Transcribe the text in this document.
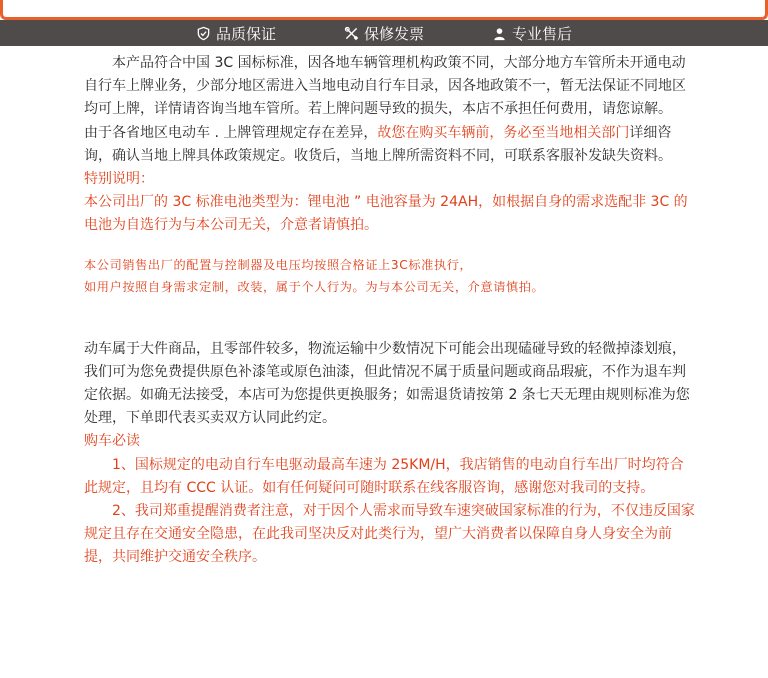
品质保证	保修发票	专业售后

本产品符合中国 3C 国标标准，因各地车辆管理机构政策不同，大部分地方车管所未开通电动自行车上牌业务，少部分地区需进入当地电动自行车目录，因各地政策不一，暂无法保证不同地区均可上牌，详情请咨询当地车管所。若上牌问题导致的损失，本店不承担任何费用，请您谅解。

由于各省地区电动车 . 上牌管理规定存在差异，故您在购买车辆前，务必至当地相关部门详细咨询，确认当地上牌具体政策规定。收货后，当地上牌所需资料不同，可联系客服补发缺失资料。

特别说明：

本公司出厂的 3C 标准电池类型为：锂电池 ” 电池容量为 24AH，如根据自身的需求选配非 3C 的电池为自选行为与本公司无关，介意者请慎拍。

本公司销售出厂的配置与控制器及电压均按照合格证上3C标准执行，

如用户按照自身需求定制，改装，属于个人行为。为与本公司无关，介意请慎拍。

动车属于大件商品，且零部件较多，物流运输中少数情况下可能会出现磕碰导致的轻微掉漆划痕，我们可为您免费提供原色补漆笔或原色油漆，但此情况不属于质量问题或商品瑕疵，不作为退车判定依据。如确无法接受，本店可为您提供更换服务；如需退货请按第 2 条七天无理由规则标准为您处理，下单即代表买卖双方认同此约定。

购车必读

1、国标规定的电动自行车电驱动最高车速为 25KM/H，我店销售的电动自行车出厂时均符合此规定，且均有 CCC 认证。如有任何疑问可随时联系在线客服咨询，感谢您对我司的支持。

2、我司郑重提醒消费者注意，对于因个人需求而导致车速突破国家标准的行为，不仅违反国家规定且存在交通安全隐患，在此我司坚决反对此类行为，望广大消费者以保障自身人身安全为前提，共同维护交通安全秩序。
